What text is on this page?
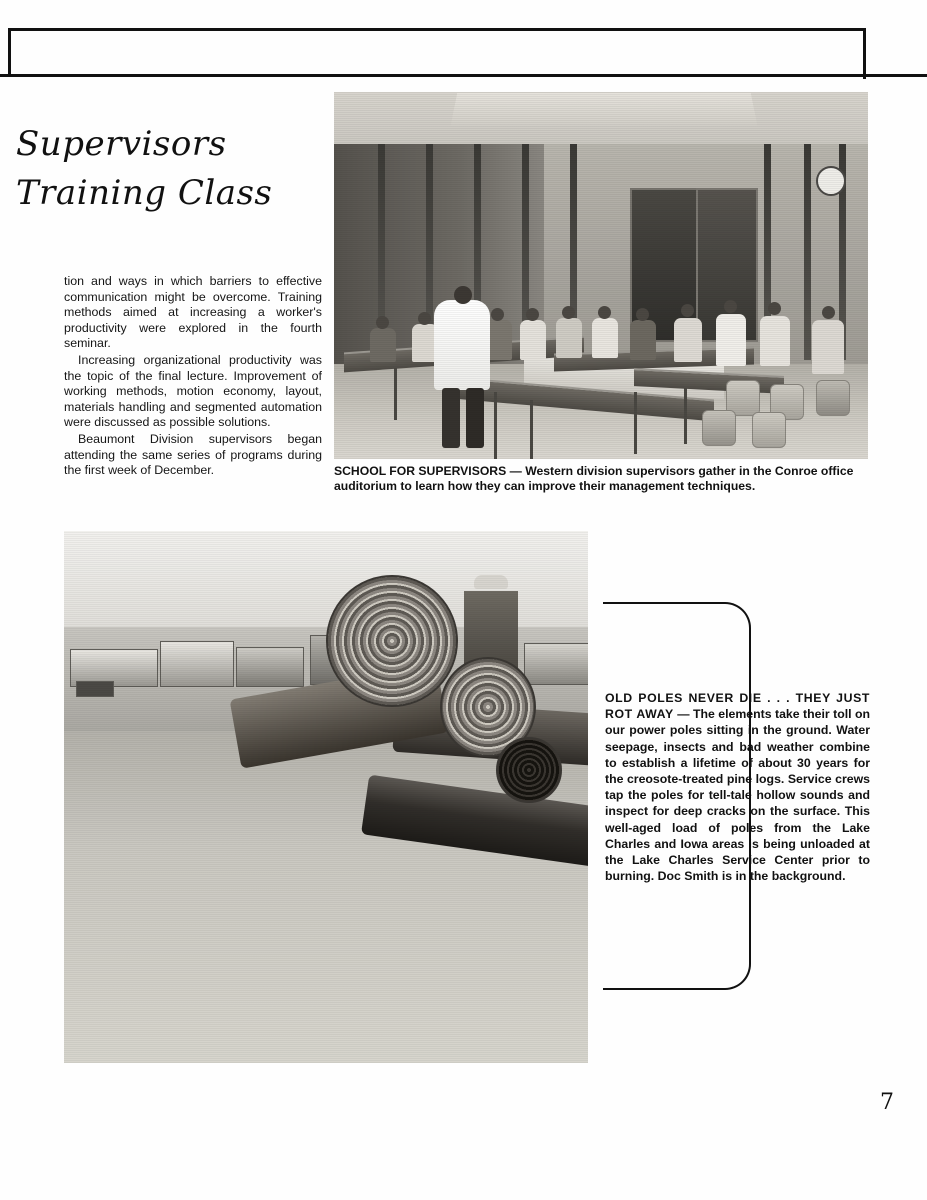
Supervisors
Training Class

tion and ways in which barriers to effective communication might be overcome. Training methods aimed at increasing a worker's productivity were explored in the fourth seminar.

Increasing organizational productivity was the topic of the final lecture. Improvement of working methods, motion economy, layout, materials handling and segmented automation were discussed as possible solutions.

Beaumont Division supervisors began attending the same series of programs during the first week of December.	SCHOOL FOR SUPERVISORS — Western division supervisors gather in the Conroe office auditorium to learn how they can improve their management techniques.
OLD POLES NEVER DIE . . . THEY JUST ROT AWAY — The elements take their toll on our power poles sitting in the ground. Water seepage, insects and bad weather combine to establish a lifetime of about 30 years for the creosote-treated pine logs. Service crews tap the poles for tell-tale hollow sounds and inspect for deep cracks on the surface. This well-aged load of poles from the Lake Charles and Iowa areas is being unloaded at the Lake Charles Service Center prior to burning. Doc Smith is in the background.
7
